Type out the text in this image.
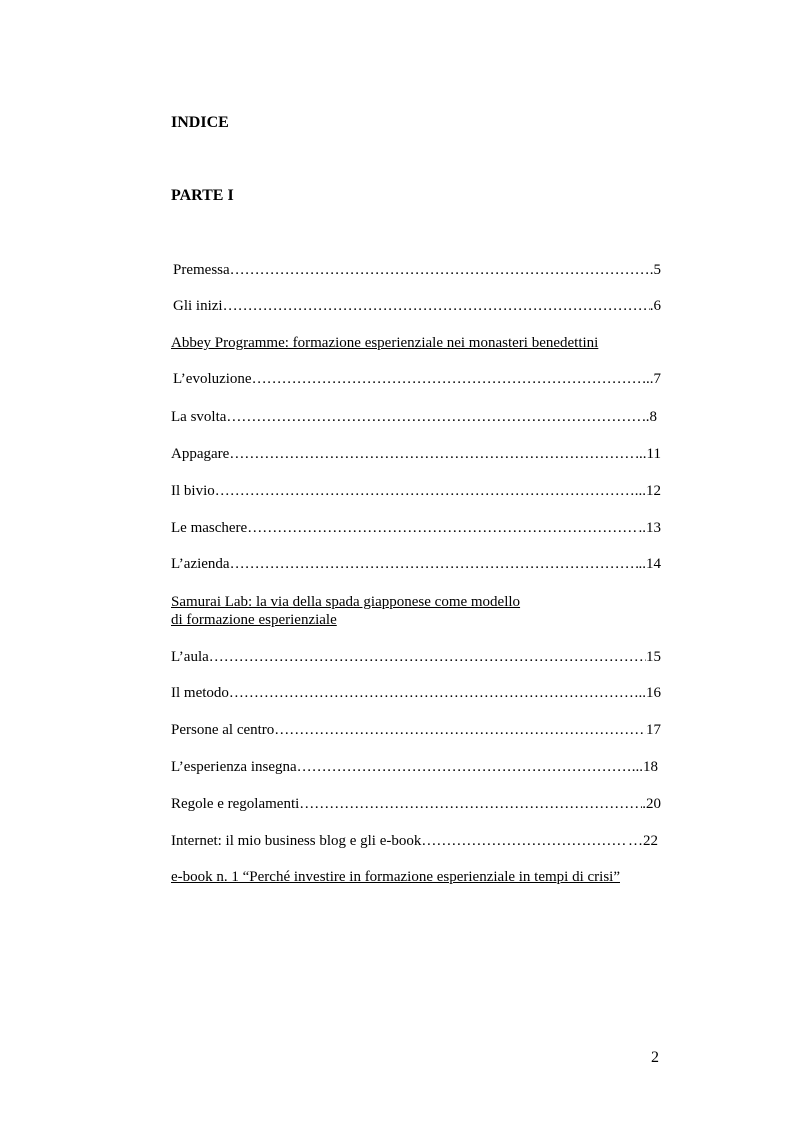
INDICE
PARTE I
Premessa ………………………………………………………………………………………………………………………………………………	.5
Gli inizi ………………………………………………………………………………………………………………………………………………	.6
Abbey Programme: formazione esperienziale nei monasteri benedettini
L’evoluzione ………………………………………………………………………………………………………………………………………………	..7
La svolta ………………………………………………………………………………………………………………………………………………	.8
Appagare ………………………………………………………………………………………………………………………………………………	...11
Il bivio ………………………………………………………………………………………………………………………………………………	...12
Le maschere ………………………………………………………………………………………………………………………………………………	..13
L’azienda ………………………………………………………………………………………………………………………………………………	..14
Samurai Lab: la via della spada giapponese come modello
di formazione esperienziale
L’aula ………………………………………………………………………………………………………………………………………………	15
Il metodo ………………………………………………………………………………………………………………………………………………	..16
Persone al centro ………………………………………………………………………………………………………………………………………………	17
L’esperienza insegna ………………………………………………………………………………………………………………………………………………	...18
Regole e regolamenti ………………………………………………………………………………………………………………………………………………	.20
Internet: il mio business blog e gli e-book ………………………………………………………………………………………………………………………………………………	…22
e-book n. 1 “Perché investire in formazione esperienziale in tempi di crisi”
2
